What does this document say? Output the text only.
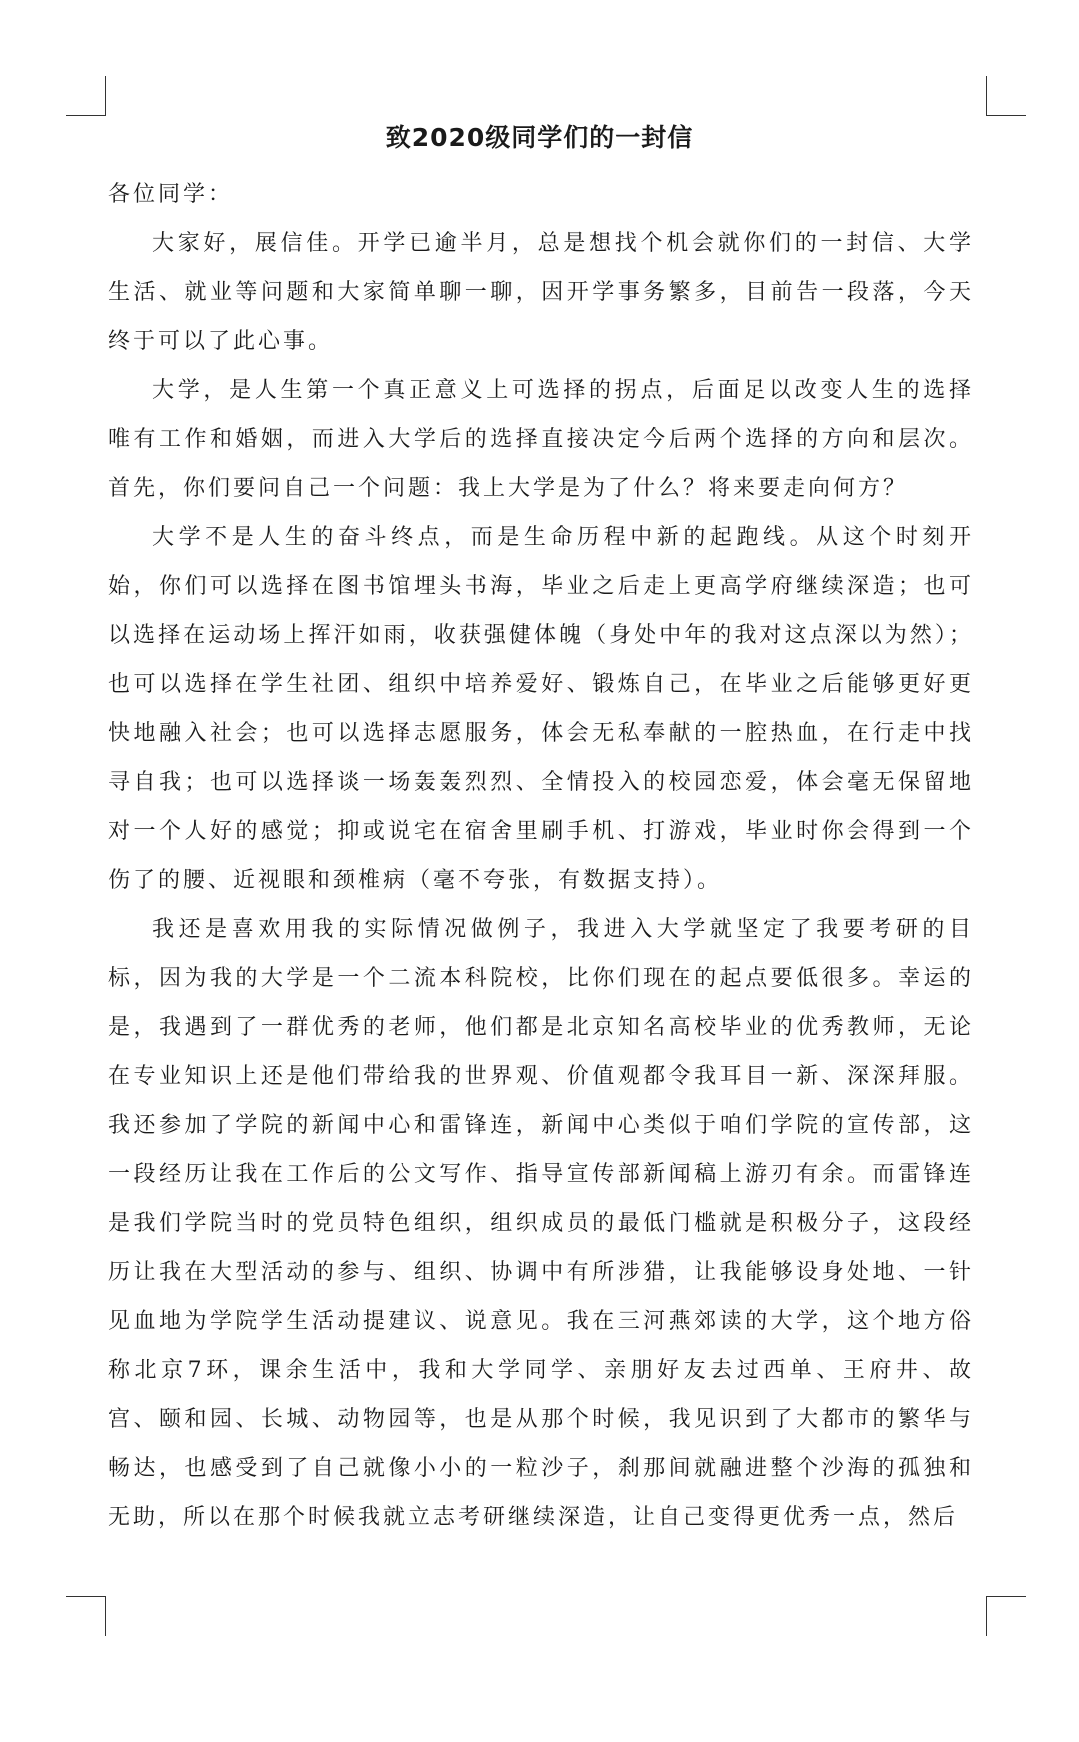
致2020级同学们的一封信

各位同学：

大家好，展信佳。开学已逾半月，总是想找个机会就你们的一封信、大学生活、就业等问题和大家简单聊一聊，因开学事务繁多，目前告一段落，今天终于可以了此心事。

大学，是人生第一个真正意义上可选择的拐点，后面足以改变人生的选择唯有工作和婚姻，而进入大学后的选择直接决定今后两个选择的方向和层次。首先，你们要问自己一个问题：我上大学是为了什么？将来要走向何方？

大学不是人生的奋斗终点，而是生命历程中新的起跑线。从这个时刻开始，你们可以选择在图书馆埋头书海，毕业之后走上更高学府继续深造；也可以选择在运动场上挥汗如雨，收获强健体魄（身处中年的我对这点深以为然）；也可以选择在学生社团、组织中培养爱好、锻炼自己，在毕业之后能够更好更快地融入社会；也可以选择志愿服务，体会无私奉献的一腔热血，在行走中找寻自我；也可以选择谈一场轰轰烈烈、全情投入的校园恋爱，体会毫无保留地对一个人好的感觉；抑或说宅在宿舍里刷手机、打游戏，毕业时你会得到一个伤了的腰、近视眼和颈椎病（毫不夸张，有数据支持）。

我还是喜欢用我的实际情况做例子，我进入大学就坚定了我要考研的目标，因为我的大学是一个二流本科院校，比你们现在的起点要低很多。幸运的是，我遇到了一群优秀的老师，他们都是北京知名高校毕业的优秀教师，无论在专业知识上还是他们带给我的世界观、价值观都令我耳目一新、深深拜服。我还参加了学院的新闻中心和雷锋连，新闻中心类似于咱们学院的宣传部，这一段经历让我在工作后的公文写作、指导宣传部新闻稿上游刃有余。而雷锋连是我们学院当时的党员特色组织，组织成员的最低门槛就是积极分子，这段经历让我在大型活动的参与、组织、协调中有所涉猎，让我能够设身处地、一针见血地为学院学生活动提建议、说意见。我在三河燕郊读的大学，这个地方俗称北京7环，课余生活中，我和大学同学、亲朋好友去过西单、王府井、故宫、颐和园、长城、动物园等，也是从那个时候，我见识到了大都市的繁华与畅达，也感受到了自己就像小小的一粒沙子，刹那间就融进整个沙海的孤独和无助，所以在那个时候我就立志考研继续深造，让自己变得更优秀一点，然后
